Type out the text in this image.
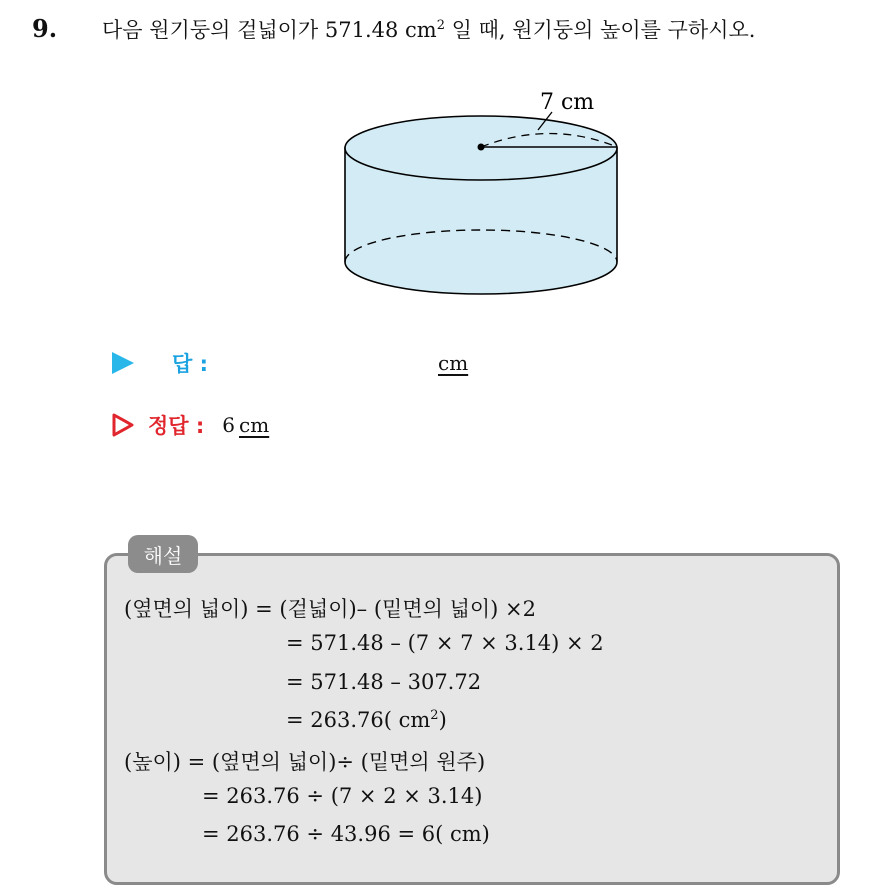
9. 다음 원기둥의 겉넓이가 571.48 $cm^2$ 일 때, 원기둥의 높이를 구하시오.
7 cm
답 :	cm
정답 : 6 cm
해설
(옆면의 넓이) = (겉넓이)– (밑면의 넓이) ×2
= 571.48 – (7 × 7 × 3.14) × 2
= 571.48 – 307.72
= 263.76( $cm^2$)
(높이) = (옆면의 넓이)÷ (밑면의 원주)
= 263.76 ÷ (7 × 2 × 3.14)
= 263.76 ÷ 43.96 = 6( cm)
